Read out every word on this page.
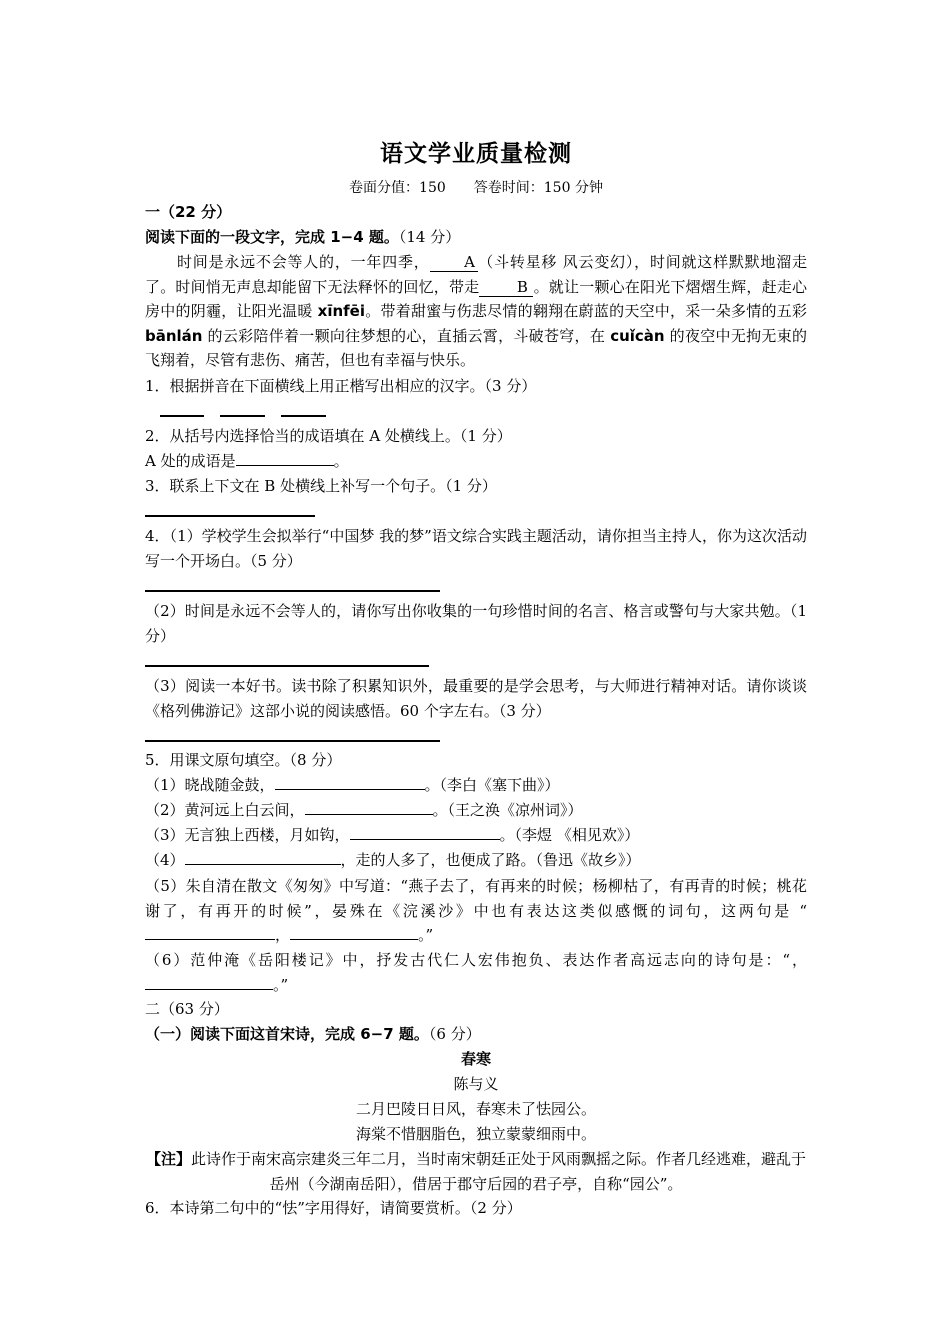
语文学业质量检测
卷面分值：150　　答卷时间：150 分钟
一（22 分）
阅读下面的一段文字，完成 1−4 题。（14 分）
时间是永远不会等人的，一年四季， A （斗转星移 风云变幻），时间就这样默默地溜走了。时间悄无声息却能留下无法释怀的回忆，带走 B 。就让一颗心在阳光下熠熠生辉，赶走心房中的阴霾，让阳光温暖 xīnfēi。带着甜蜜与伤悲尽情的翱翔在蔚蓝的天空中，采一朵多情的五彩 bānlán 的云彩陪伴着一颗向往梦想的心，直插云霄，斗破苍穹，在 cuǐcàn 的夜空中无拘无束的飞翔着，尽管有悲伤、痛苦，但也有幸福与快乐。
1．根据拼音在下面横线上用正楷写出相应的汉字。（3 分）
2．从括号内选择恰当的成语填在 A 处横线上。（1 分）
A 处的成语是	。
3．联系上下文在 B 处横线上补写一个句子。（1 分）
4．（1）学校学生会拟举行“中国梦 我的梦”语文综合实践主题活动，请你担当主持人，你为这次活动写一个开场白。（5 分）
（2）时间是永远不会等人的，请你写出你收集的一句珍惜时间的名言、格言或警句与大家共勉。（1 分）
（3）阅读一本好书。读书除了积累知识外，最重要的是学会思考，与大师进行精神对话。请你谈谈《格列佛游记》这部小说的阅读感悟。60 个字左右。（3 分）
5．用课文原句填空。（8 分）
（1）晓战随金鼓，	。（李白《塞下曲》）
（2）黄河远上白云间，	。（王之涣《凉州词》）
（3）无言独上西楼，月如钩，	。（李煜 《相见欢》）
（4）	，走的人多了，也便成了路。（鲁迅《故乡》）
（5）朱自清在散文《匆匆》中写道：“燕子去了，有再来的时候；杨柳枯了，有再青的时候；桃花谢了，有再开的时候”，晏殊在《浣溪沙》中也有表达这类似感慨的词句，这两句是 “，	。”
（6）范仲淹《岳阳楼记》中，抒发古代仁人宏伟抱负、表达作者高远志向的诗句是：“，。”
二（63 分）
（一）阅读下面这首宋诗，完成 6−7 题。（6 分）
春寒
陈与义
二月巴陵日日风，春寒未了怯园公。
海棠不惜胭脂色，独立蒙蒙细雨中。
【注】此诗作于南宋高宗建炎三年二月，当时南宋朝廷正处于风雨飘摇之际。作者几经逃难，避乱于岳州（今湖南岳阳），借居于郡守后园的君子亭，自称“园公”。
6．本诗第二句中的“怯”字用得好，请简要赏析。（2 分）
